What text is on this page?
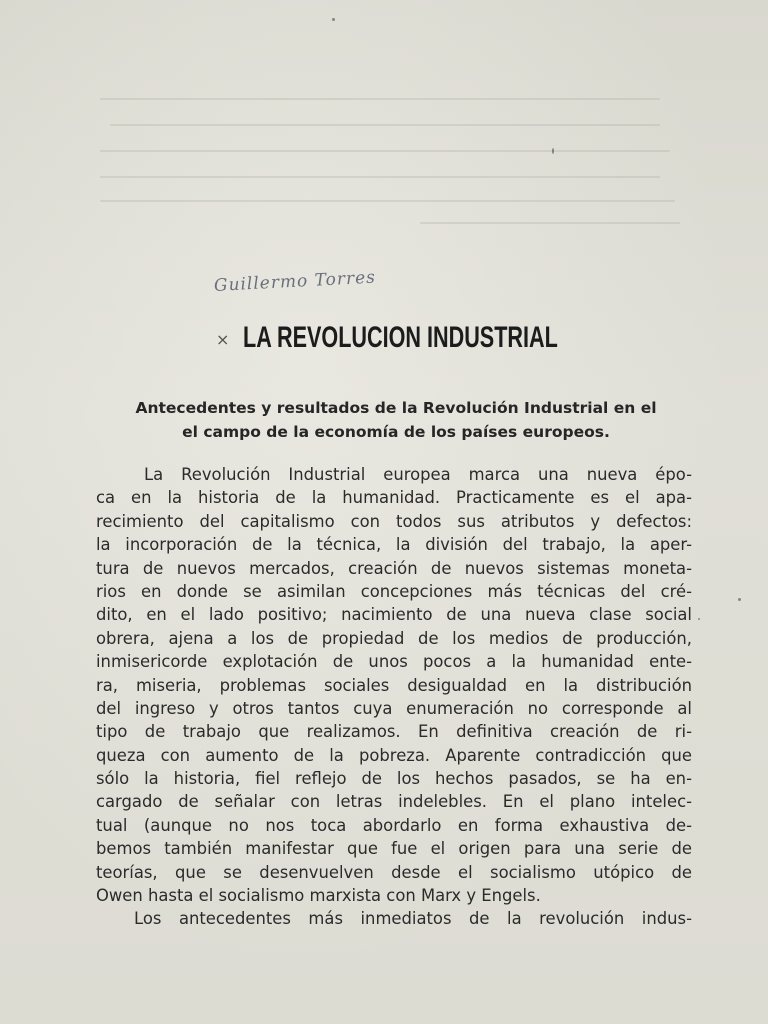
Guillermo Torres
× LA REVOLUCION INDUSTRIAL
Antecedentes y resultados de la Revolución Industrial en el
el campo de la economía de los países europeos.
La Revolución Industrial europea marca una nueva épo-
ca en la historia de la humanidad. Practicamente es el apa-
recimiento del capitalismo con todos sus atributos y defectos:
la incorporación de la técnica, la división del trabajo, la aper-
tura de nuevos mercados, creación de nuevos sistemas moneta-
rios en donde se asimilan concepciones más técnicas del cré-
dito, en el lado positivo; nacimiento de una nueva clase social
obrera, ajena a los de propiedad de los medios de producción,
inmisericorde explotación de unos pocos a la humanidad ente-
ra, miseria, problemas sociales desigualdad en la distribución
del ingreso y otros tantos cuya enumeración no corresponde al
tipo de trabajo que realizamos. En definitiva creación de ri-
queza con aumento de la pobreza. Aparente contradicción que
sólo la historia, fiel reflejo de los hechos pasados, se ha en-
cargado de señalar con letras indelebles. En el plano intelec-
tual (aunque no nos toca abordarlo en forma exhaustiva de-
bemos también manifestar que fue el origen para una serie de
teorías, que se desenvuelven desde el socialismo utópico de
Owen hasta el socialismo marxista con Marx y Engels.
Los antecedentes más inmediatos de la revolución indus-
